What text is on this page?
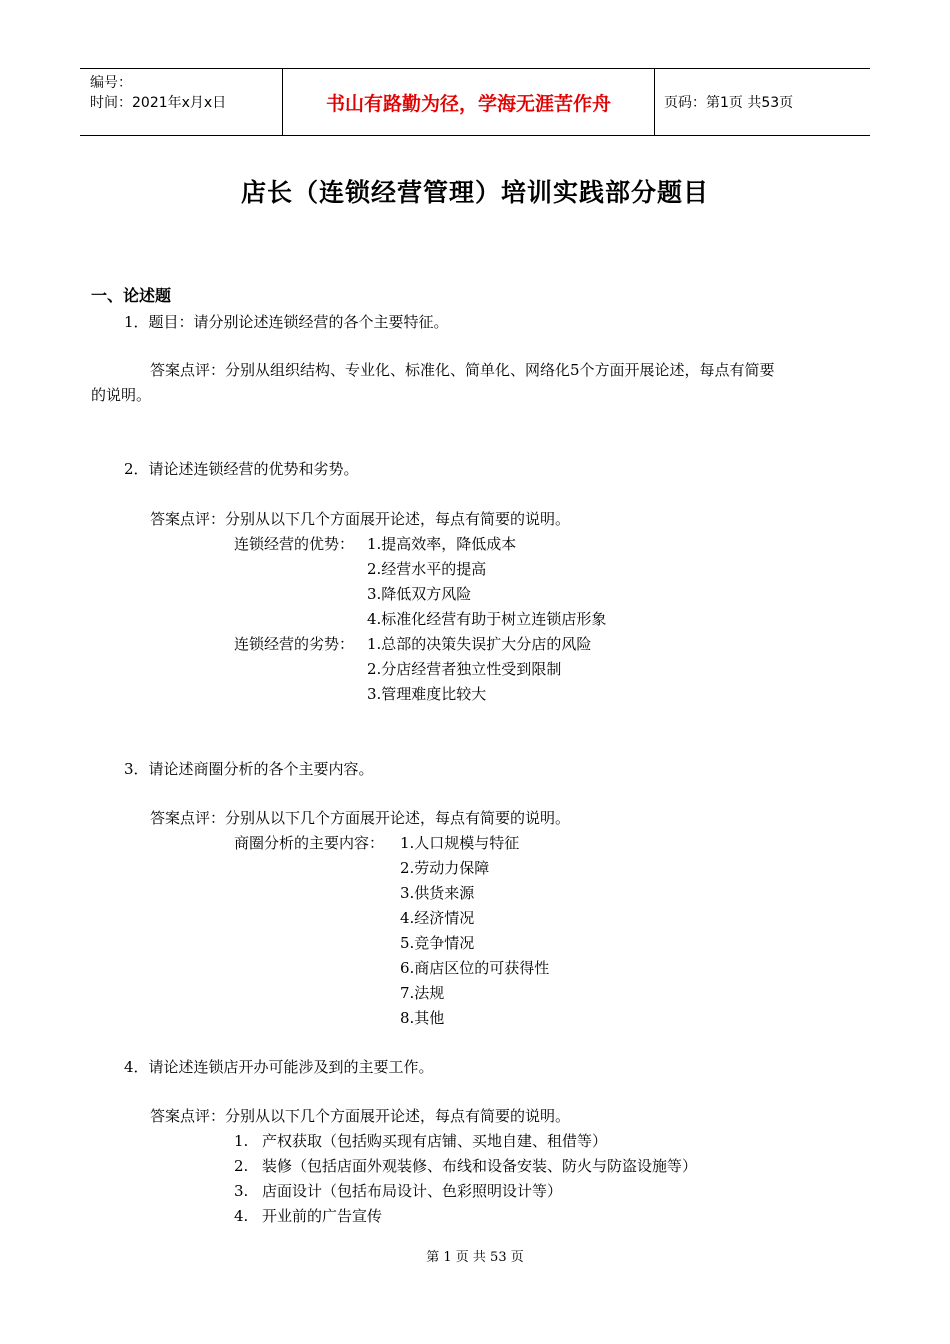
编号：
时间：2021年x月x日	书山有路勤为径，学海无涯苦作舟	页码：第1页 共53页
店长（连锁经营管理）培训实践部分题目
一、论述题
1．题目：请分别论述连锁经营的各个主要特征。
答案点评：分别从组织结构、专业化、标准化、简单化、网络化5个方面开展论述，每点有简要
的说明。
2．请论述连锁经营的优势和劣势。
答案点评：分别从以下几个方面展开论述，每点有简要的说明。
连锁经营的优势： 1.提高效率，降低成本
2.经营水平的提高
3.降低双方风险
4.标准化经营有助于树立连锁店形象
连锁经营的劣势： 1.总部的决策失误扩大分店的风险
2.分店经营者独立性受到限制
3.管理难度比较大
3．请论述商圈分析的各个主要内容。
答案点评：分别从以下几个方面展开论述，每点有简要的说明。
商圈分析的主要内容： 1.人口规模与特征
2.劳动力保障
3.供货来源
4.经济情况
5.竞争情况
6.商店区位的可获得性
7.法规
8.其他
4．请论述连锁店开办可能涉及到的主要工作。
答案点评：分别从以下几个方面展开论述，每点有简要的说明。
1. 产权获取（包括购买现有店铺、买地自建、租借等）
2. 装修（包括店面外观装修、布线和设备安装、防火与防盗设施等）
3. 店面设计（包括布局设计、色彩照明设计等）
4. 开业前的广告宣传
第 1 页 共 53 页
